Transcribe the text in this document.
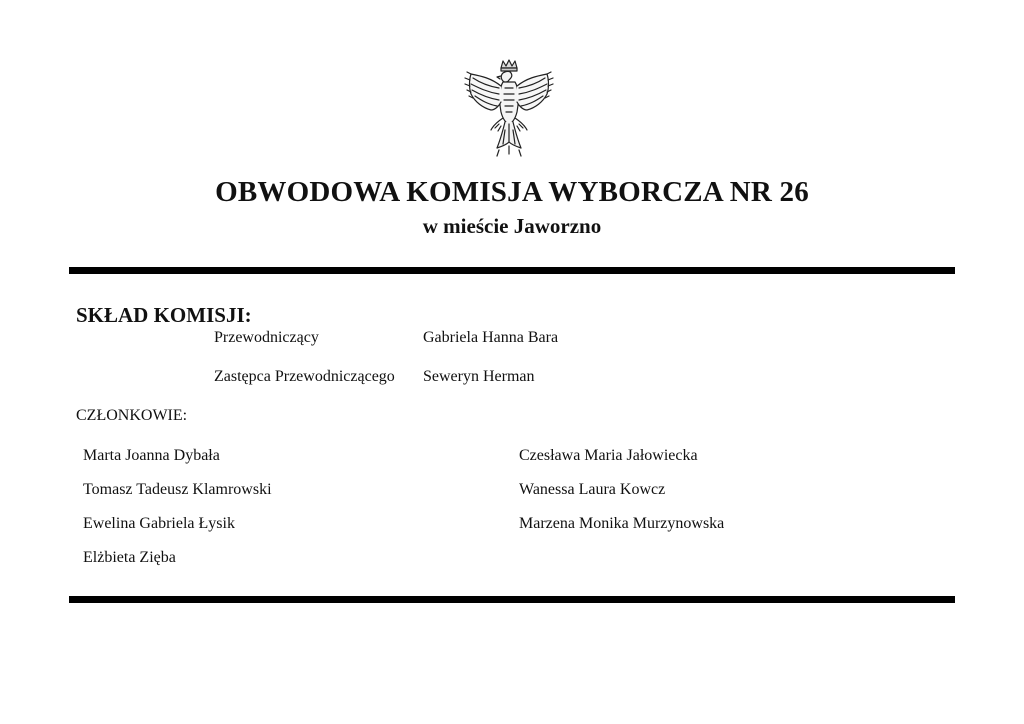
OBWODOWA KOMISJA WYBORCZA NR 26
w mieście Jaworzno
SKŁAD KOMISJI:
Przewodniczący	Gabriela Hanna Bara
Zastępca Przewodniczącego Seweryn Herman
CZŁONKOWIE:
Marta Joanna Dybała
Tomasz Tadeusz Klamrowski
Ewelina Gabriela Łysik
Elżbieta Zięba
Czesława Maria Jałowiecka
Wanessa Laura Kowcz
Marzena Monika Murzynowska
